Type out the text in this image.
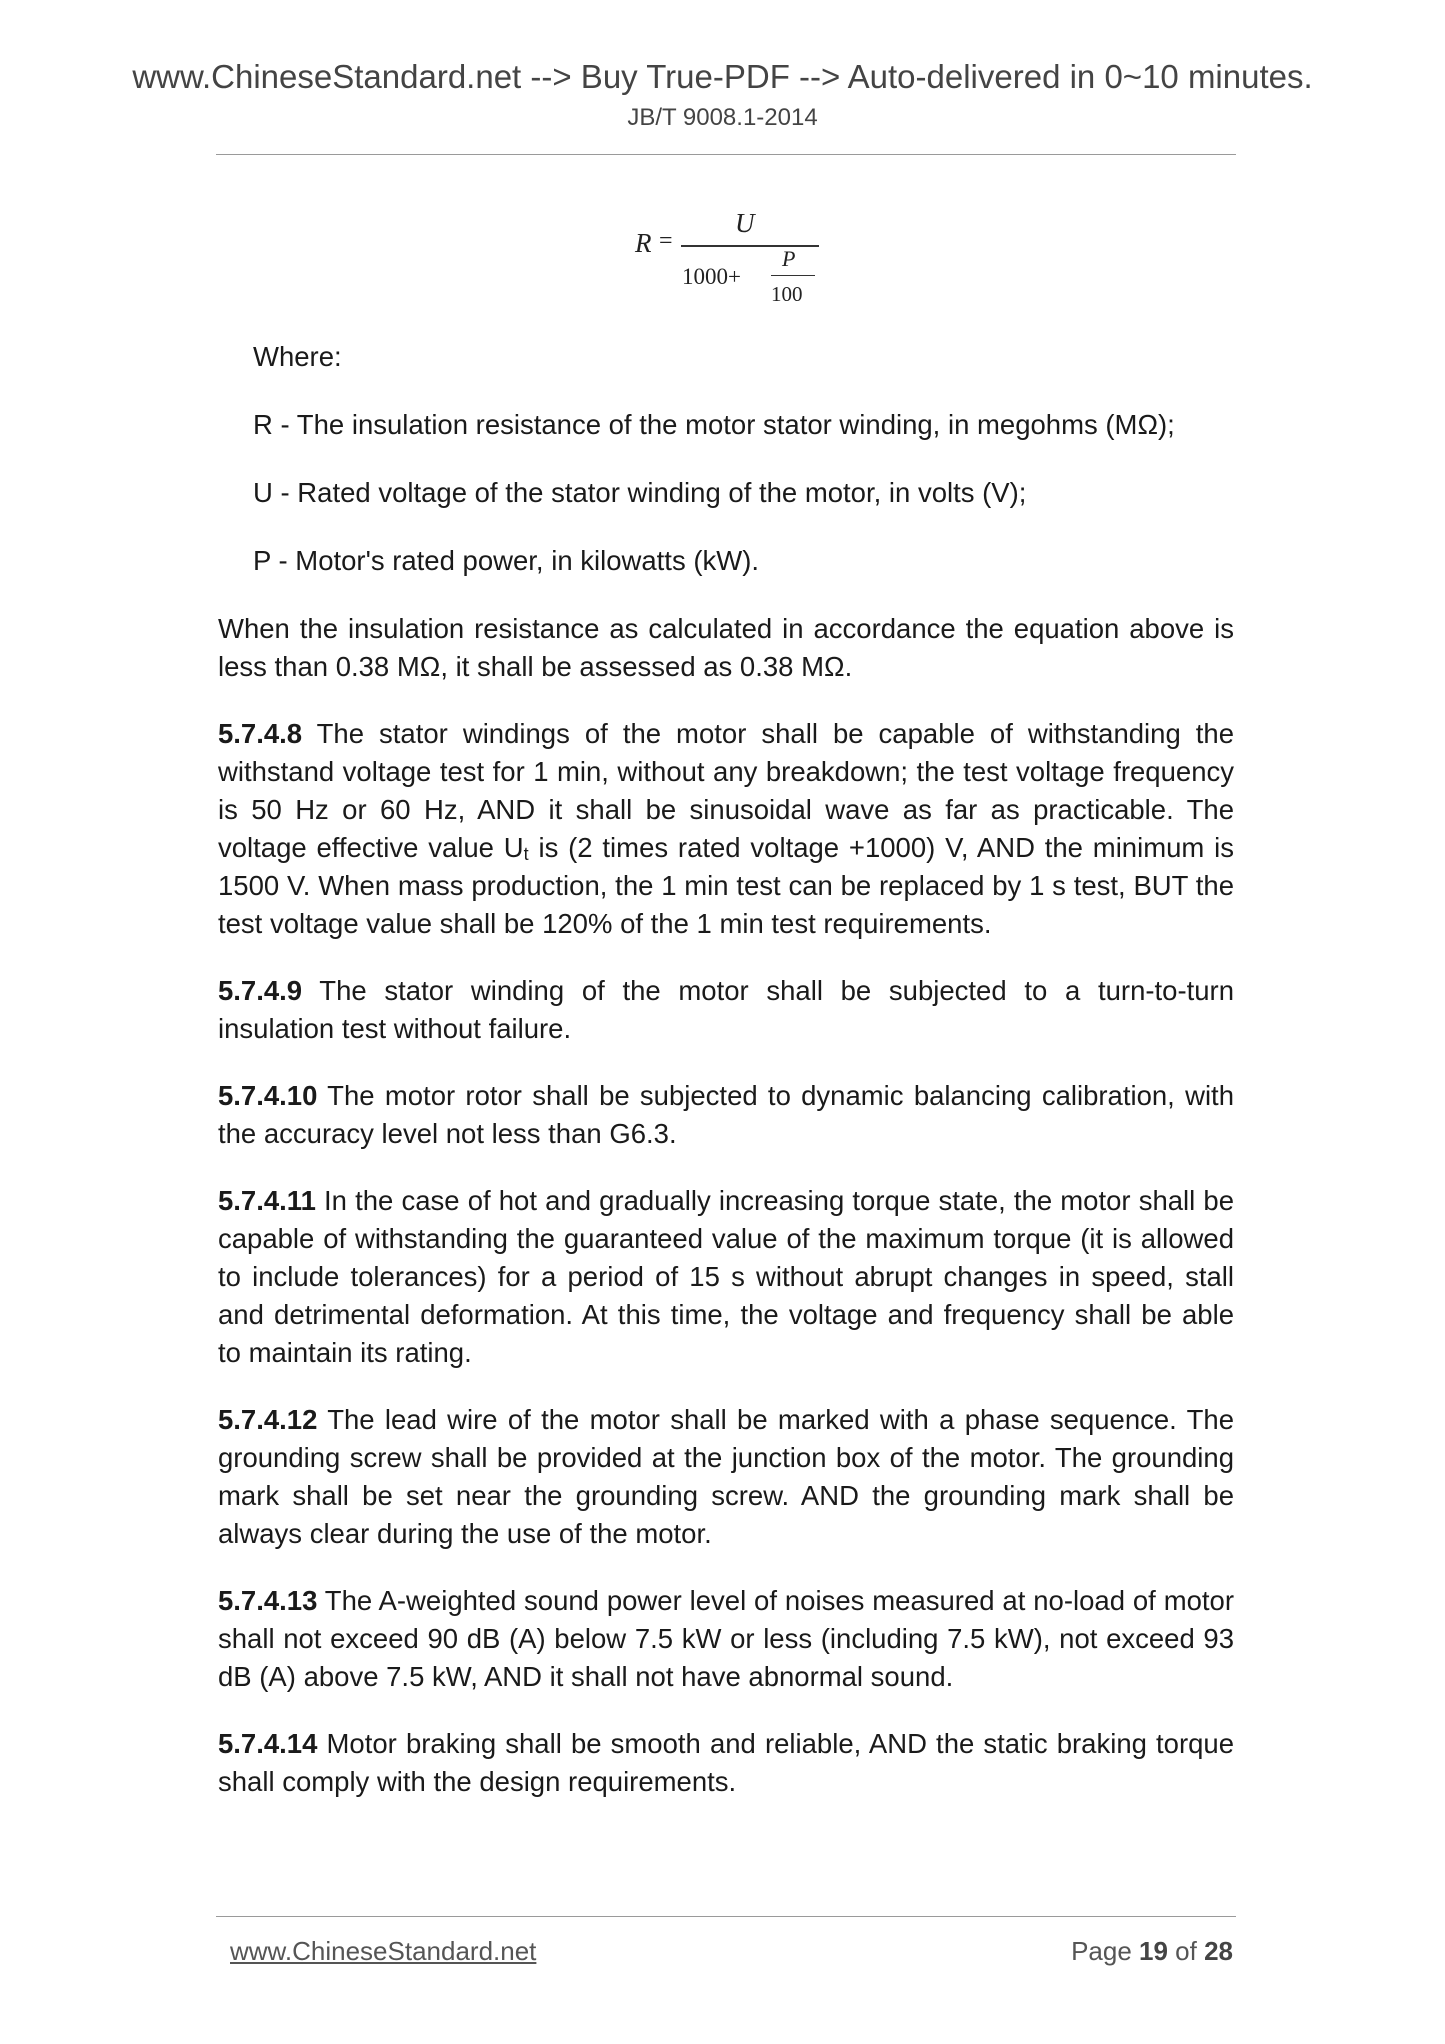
www.ChineseStandard.net --> Buy True-PDF --> Auto-delivered in 0~10 minutes.
JB/T 9008.1-2014
R =
U
1000+
P
100

Where:

R - The insulation resistance of the motor stator winding, in megohms (MΩ);

U - Rated voltage of the stator winding of the motor, in volts (V);

P - Motor's rated power, in kilowatts (kW).

When the insulation resistance as calculated in accordance the equation above is less than 0.38 MΩ, it shall be assessed as 0.38 MΩ.

5.7.4.8 The stator windings of the motor shall be capable of withstanding the withstand voltage test for 1 min, without any breakdown; the test voltage frequency is 50 Hz or 60 Hz, AND it shall be sinusoidal wave as far as practicable. The voltage effective value $U_t$ is (2 times rated voltage +1000) V, AND the minimum is 1500 V. When mass production, the 1 min test can be replaced by 1 s test, BUT the test voltage value shall be 120% of the 1 min test requirements.

5.7.4.9 The stator winding of the motor shall be subjected to a turn-to-turn insulation test without failure.

5.7.4.10 The motor rotor shall be subjected to dynamic balancing calibration, with the accuracy level not less than G6.3.

5.7.4.11 In the case of hot and gradually increasing torque state, the motor shall be capable of withstanding the guaranteed value of the maximum torque (it is allowed to include tolerances) for a period of 15 s without abrupt changes in speed, stall and detrimental deformation. At this time, the voltage and frequency shall be able to maintain its rating.

5.7.4.12 The lead wire of the motor shall be marked with a phase sequence. The grounding screw shall be provided at the junction box of the motor. The grounding mark shall be set near the grounding screw. AND the grounding mark shall be always clear during the use of the motor.

5.7.4.13 The A-weighted sound power level of noises measured at no-load of motor shall not exceed 90 dB (A) below 7.5 kW or less (including 7.5 kW), not exceed 93 dB (A) above 7.5 kW, AND it shall not have abnormal sound.

5.7.4.14 Motor braking shall be smooth and reliable, AND the static braking torque shall comply with the design requirements.

www.ChineseStandard.net	Page 19 of 28
